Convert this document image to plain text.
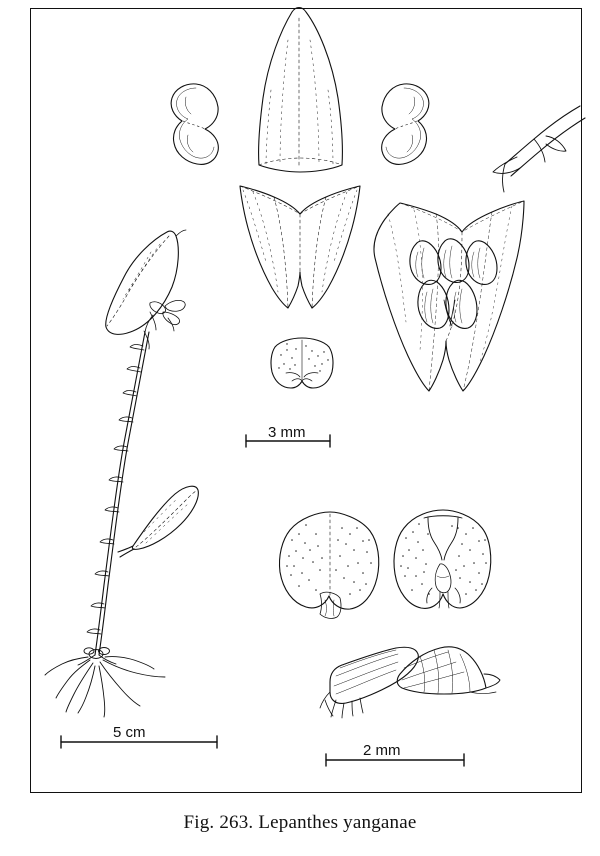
3 mm
5 cm
2 mm
Fig. 263. Lepanthes yanganae
